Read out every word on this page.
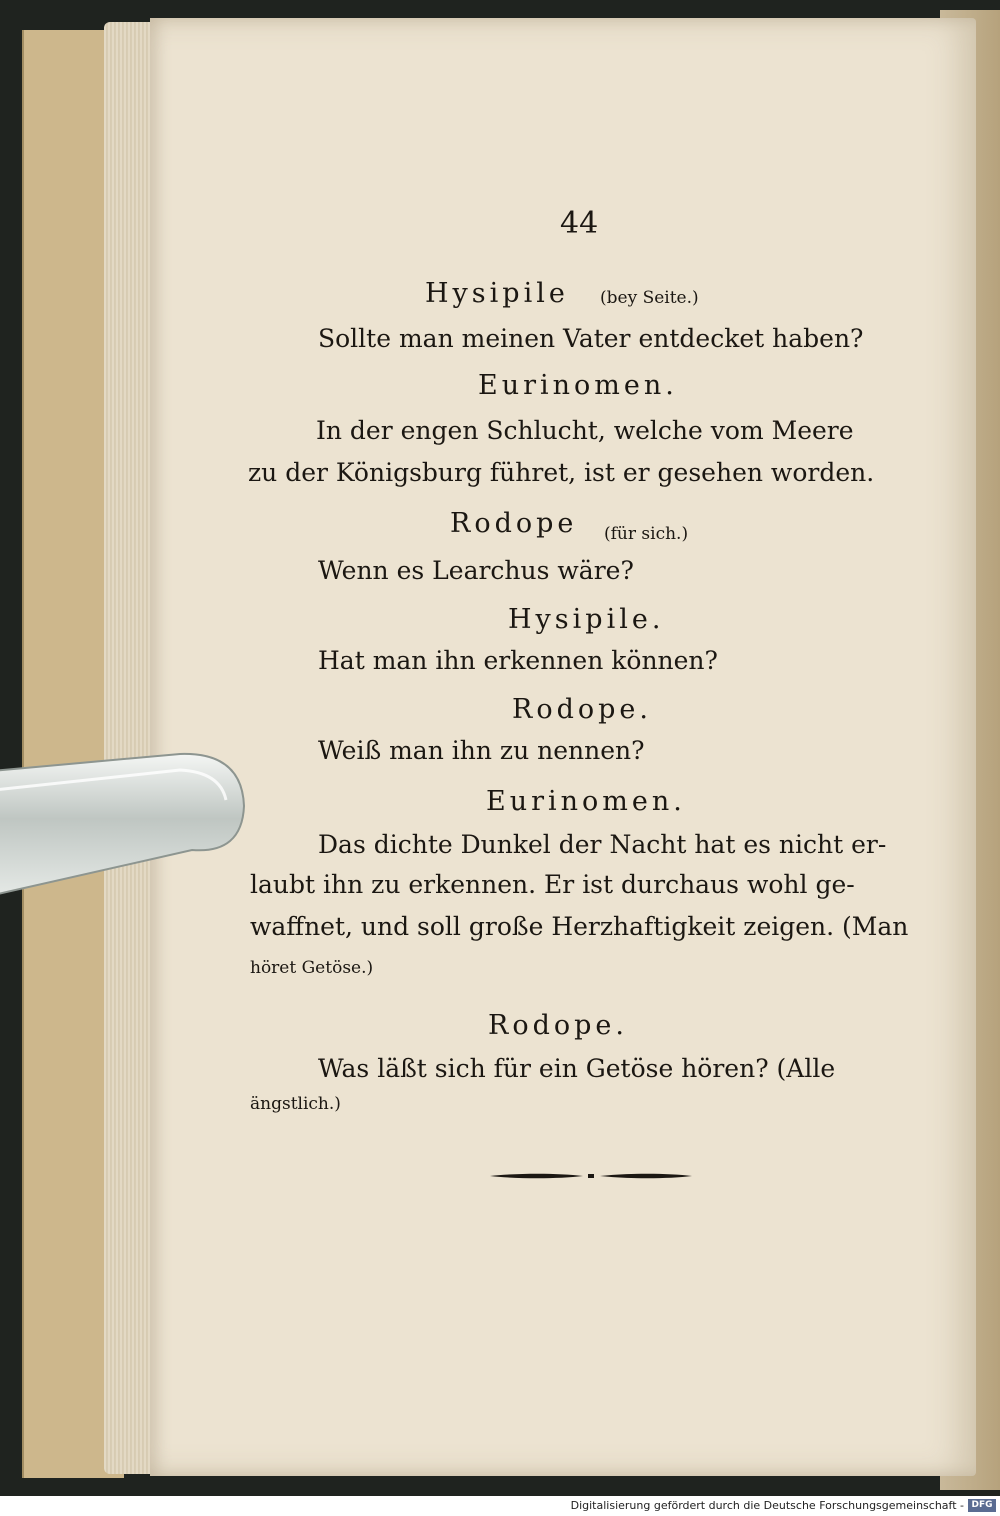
44
Hysipile (bey Seite.)
Sollte man meinen Vater entdecket haben?
Eurinomen.
In der engen Schlucht, welche vom Meere
zu der Königsburg führet, ist er gesehen worden.
Rodope (für sich.)
Wenn es Learchus wäre?
Hysipile.
Hat man ihn erkennen können?
Rodope.
Weiß man ihn zu nennen?
Eurinomen.
Das dichte Dunkel der Nacht hat es nicht er-
laubt ihn zu erkennen. Er ist durchaus wohl ge-
waffnet, und soll große Herzhaftigkeit zeigen. (Man
höret Getöse.)
Rodope.
Was läßt sich für ein Getöse hören? (Alle
ängstlich.)
Digitalisierung gefördert durch die Deutsche Forschungsgemeinschaft - DFG
